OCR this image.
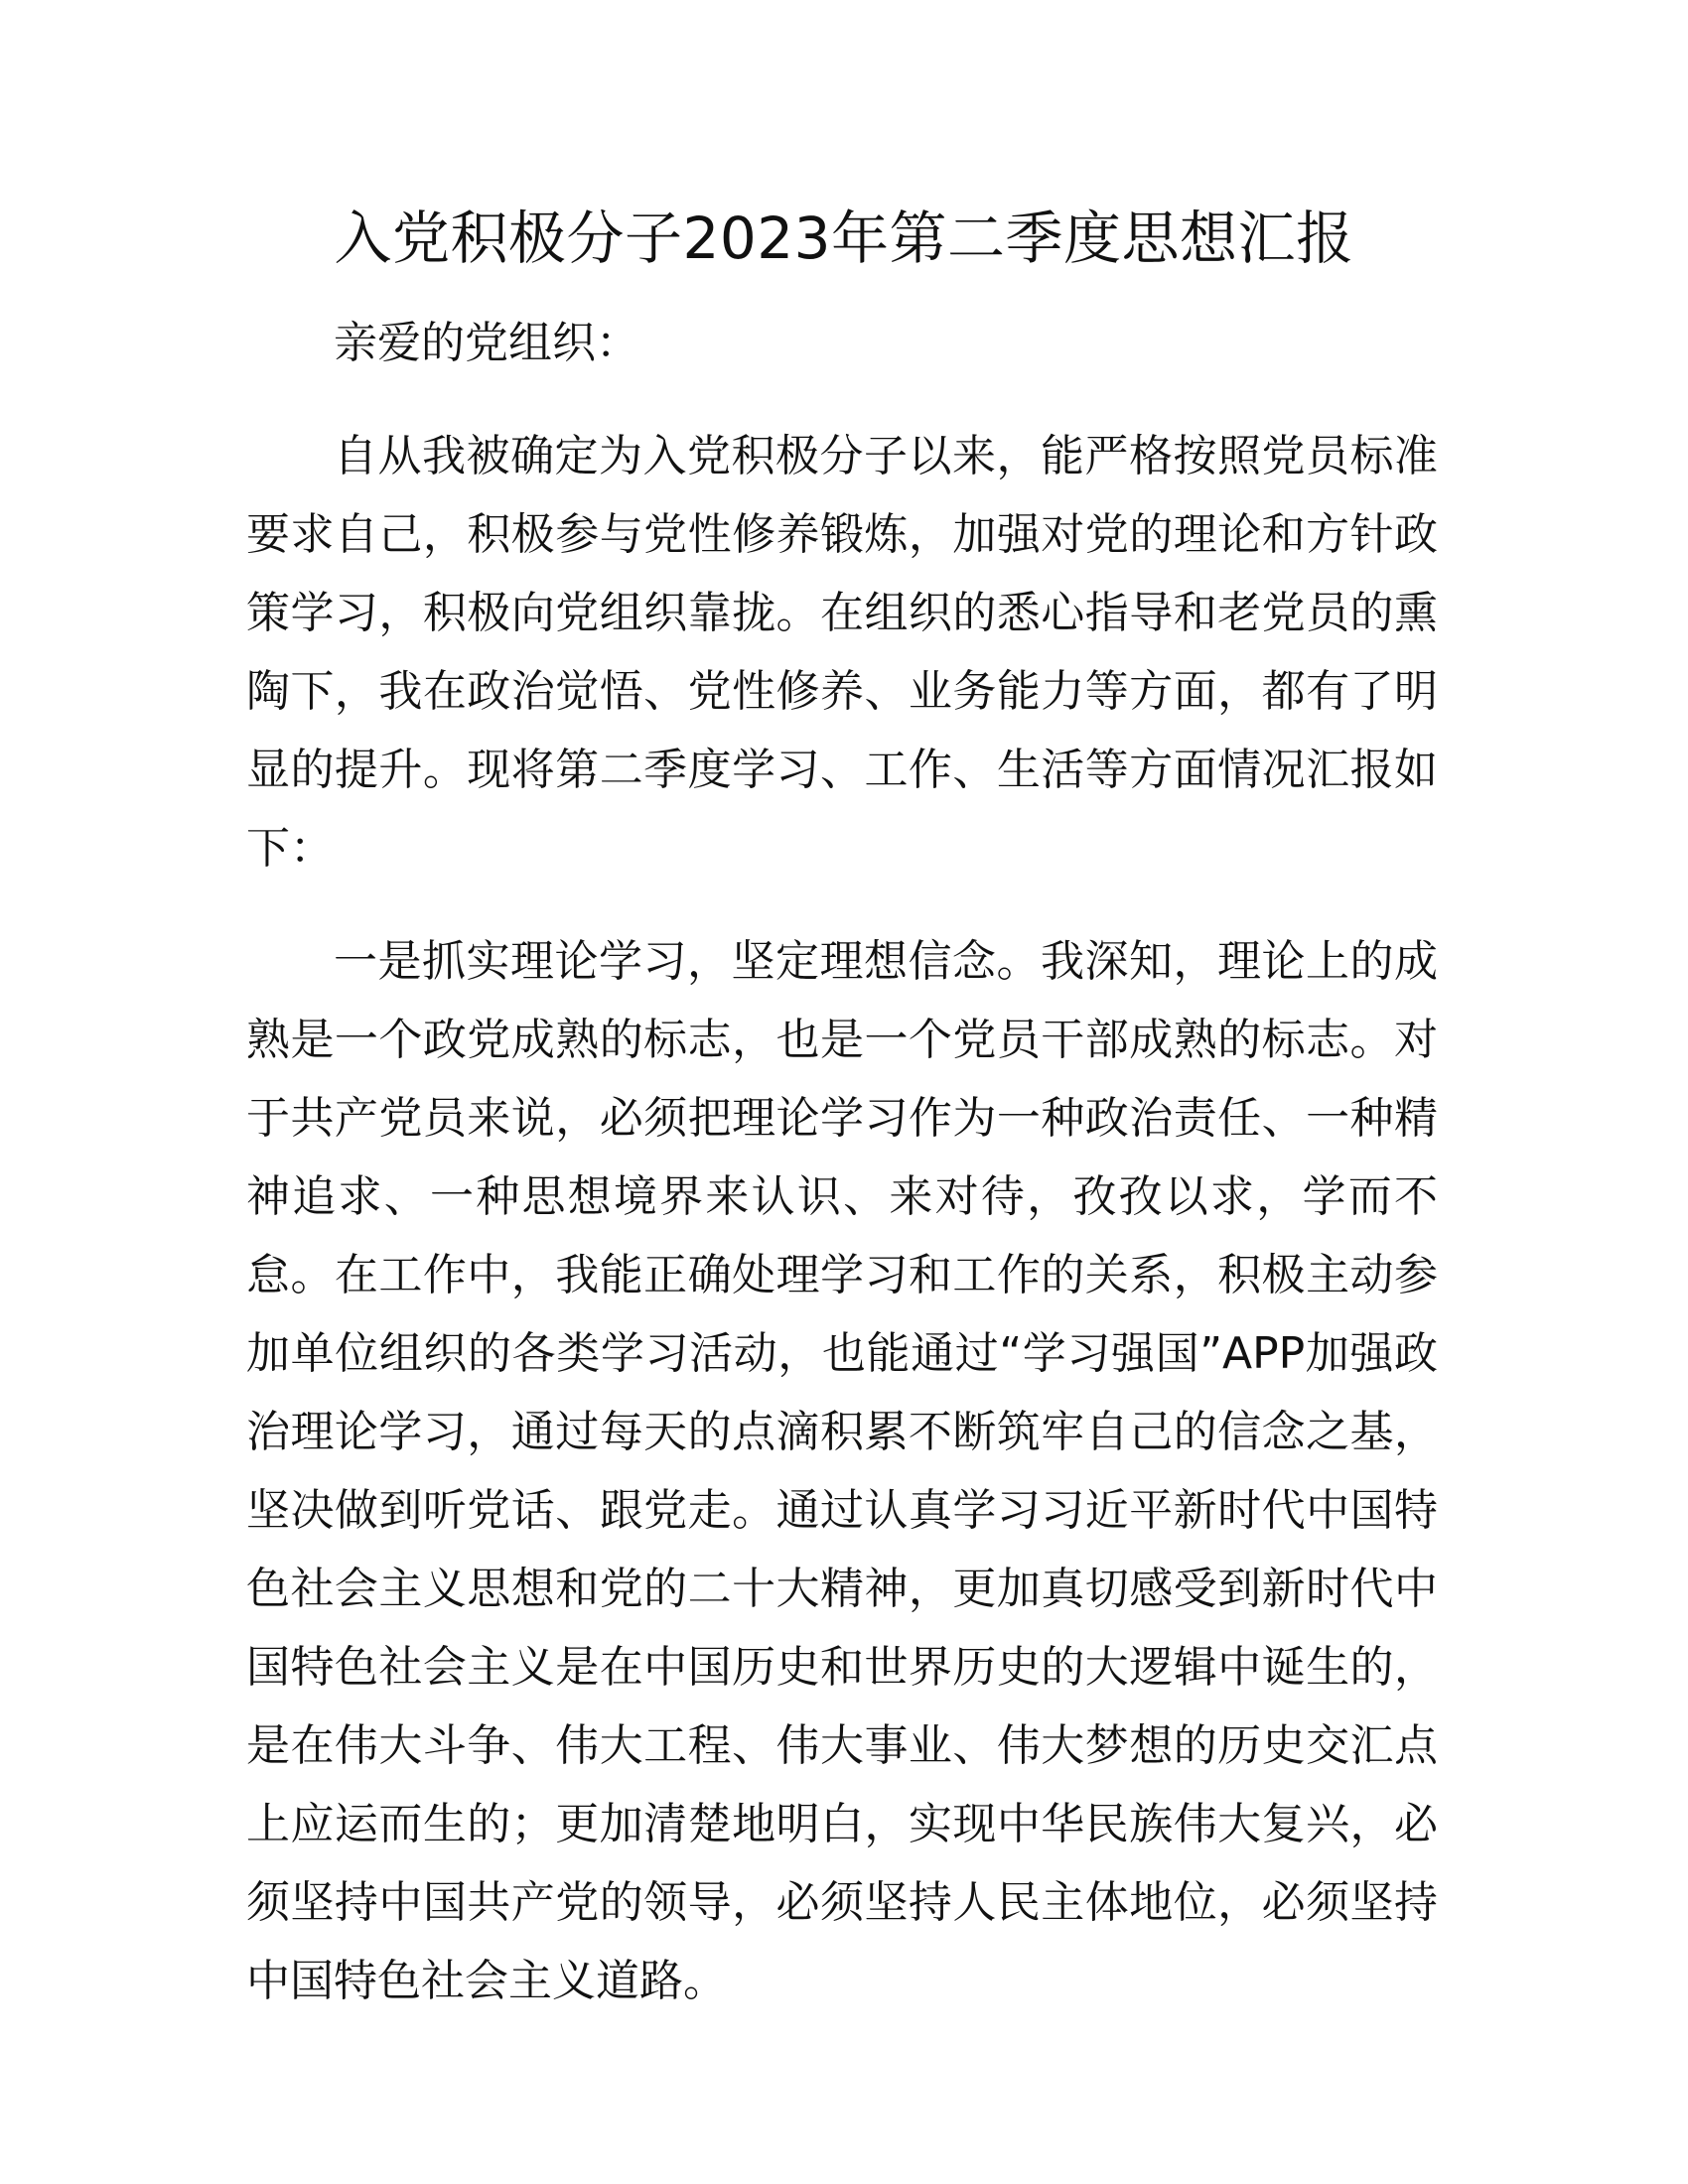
入党积极分子2023年第二季度思想汇报

亲爱的党组织：

自从我被确定为入党积极分子以来，能严格按照党员标准要求自己，积极参与党性修养锻炼，加强对党的理论和方针政策学习，积极向党组织靠拢。在组织的悉心指导和老党员的熏陶下，我在政治觉悟、党性修养、业务能力等方面，都有了明显的提升。现将第二季度学习、工作、生活等方面情况汇报如下：

一是抓实理论学习，坚定理想信念。我深知，理论上的成熟是一个政党成熟的标志，也是一个党员干部成熟的标志。对于共产党员来说，必须把理论学习作为一种政治责任、一种精神追求、一种思想境界来认识、来对待，孜孜以求，学而不怠。在工作中，我能正确处理学习和工作的关系，积极主动参加单位组织的各类学习活动，也能通过“学习强国”APP加强政治理论学习，通过每天的点滴积累不断筑牢自己的信念之基，坚决做到听党话、跟党走。通过认真学习习近平新时代中国特色社会主义思想和党的二十大精神，更加真切感受到新时代中国特色社会主义是在中国历史和世界历史的大逻辑中诞生的，是在伟大斗争、伟大工程、伟大事业、伟大梦想的历史交汇点上应运而生的；更加清楚地明白，实现中华民族伟大复兴，必须坚持中国共产党的领导，必须坚持人民主体地位，必须坚持中国特色社会主义道路。
